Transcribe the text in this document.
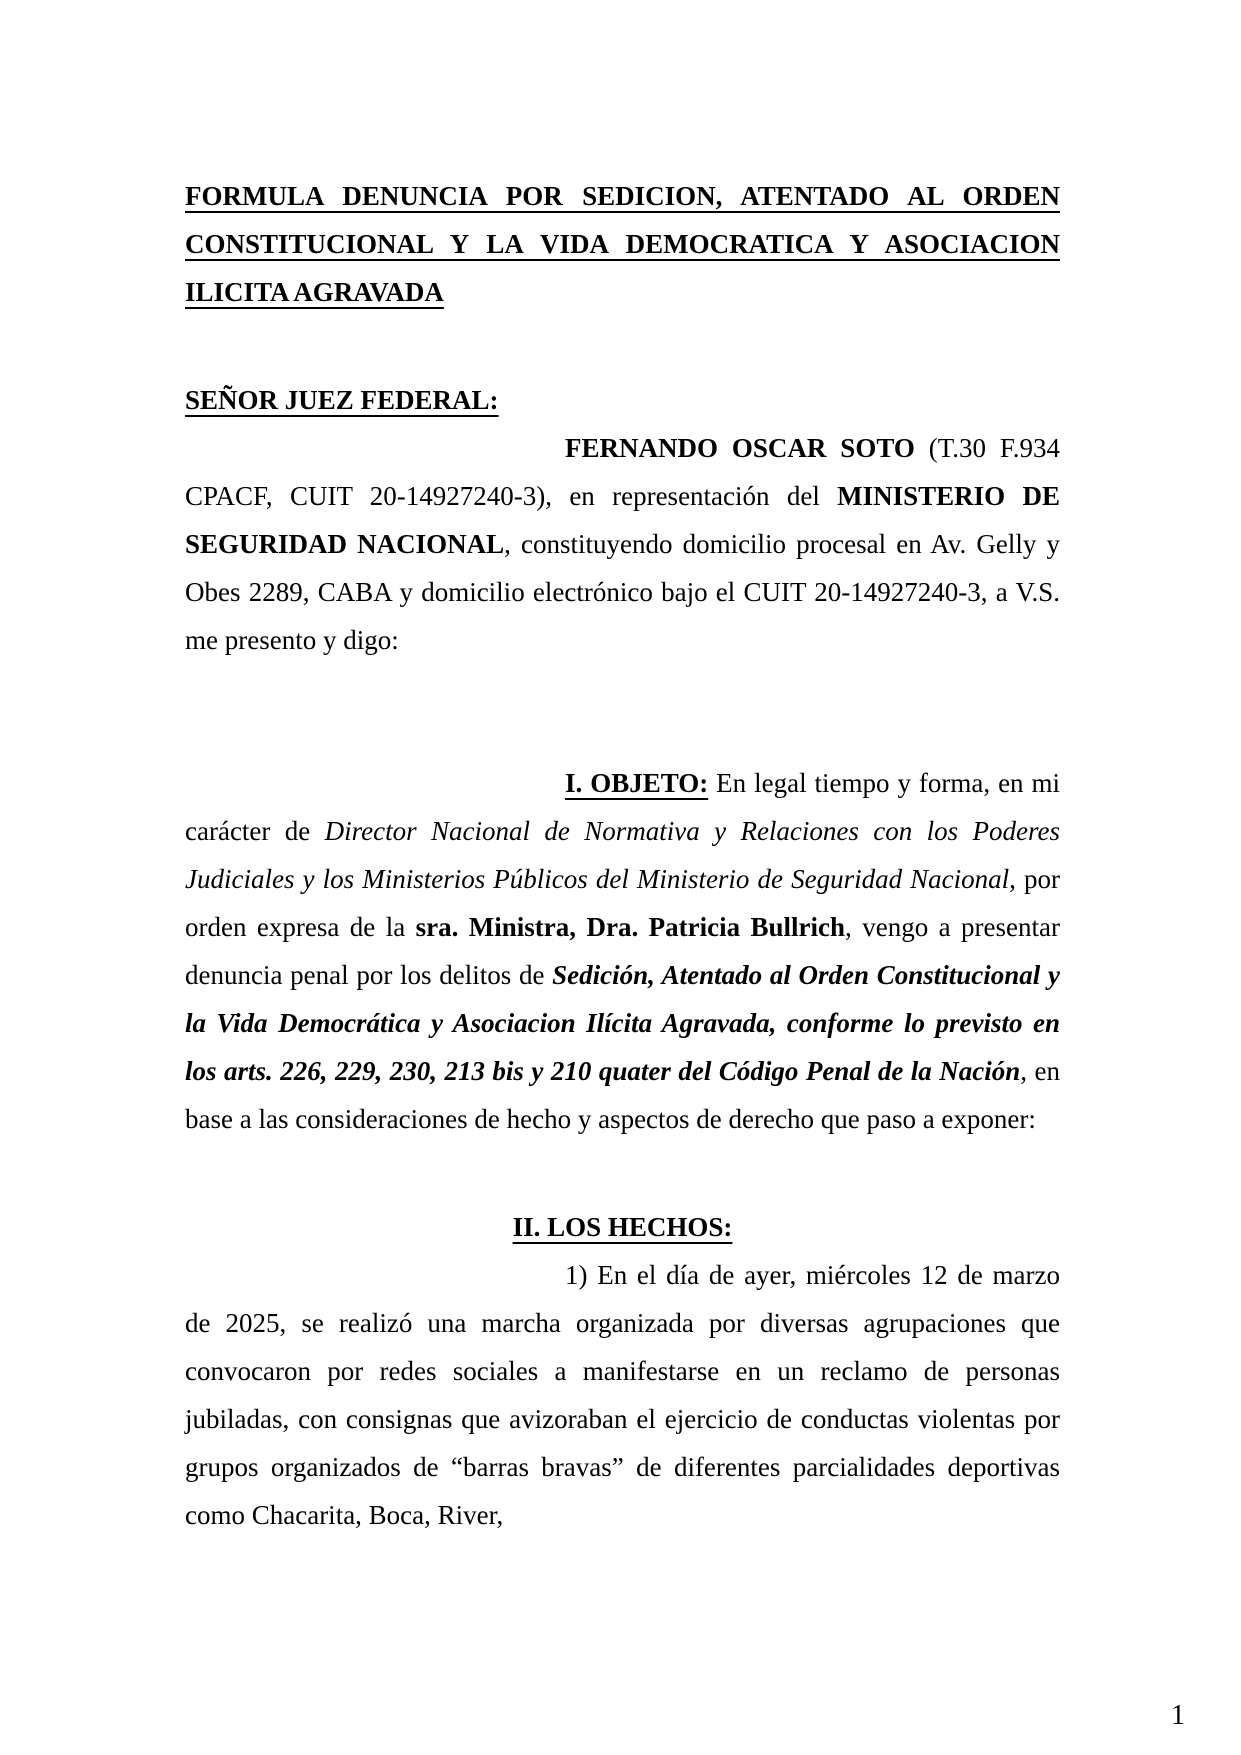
FORMULA DENUNCIA POR SEDICION, ATENTADO AL ORDEN CONSTITUCIONAL Y LA VIDA DEMOCRATICA Y ASOCIACION ILICITA AGRAVADA
SEÑOR JUEZ FEDERAL:
FERNANDO OSCAR SOTO (T.30 F.934 CPACF, CUIT 20-14927240-3), en representación del MINISTERIO DE SEGURIDAD NACIONAL, constituyendo domicilio procesal en Av. Gelly y Obes 2289, CABA y domicilio electrónico bajo el CUIT 20-14927240-3, a V.S. me presento y digo:
I. OBJETO: En legal tiempo y forma, en mi carácter de Director Nacional de Normativa y Relaciones con los Poderes Judiciales y los Ministerios Públicos del Ministerio de Seguridad Nacional, por orden expresa de la sra. Ministra, Dra. Patricia Bullrich, vengo a presentar denuncia penal por los delitos de Sedición, Atentado al Orden Constitucional y la Vida Democrática y Asociacion Ilícita Agravada, conforme lo previsto en los arts. 226, 229, 230, 213 bis y 210 quater del Código Penal de la Nación, en base a las consideraciones de hecho y aspectos de derecho que paso a exponer:
II. LOS HECHOS:
1) En el día de ayer, miércoles 12 de marzo de 2025, se realizó una marcha organizada por diversas agrupaciones que convocaron por redes sociales a manifestarse en un reclamo de personas jubiladas, con consignas que avizoraban el ejercicio de conductas violentas por grupos organizados de “barras bravas” de diferentes parcialidades deportivas como Chacarita, Boca, River,
1
